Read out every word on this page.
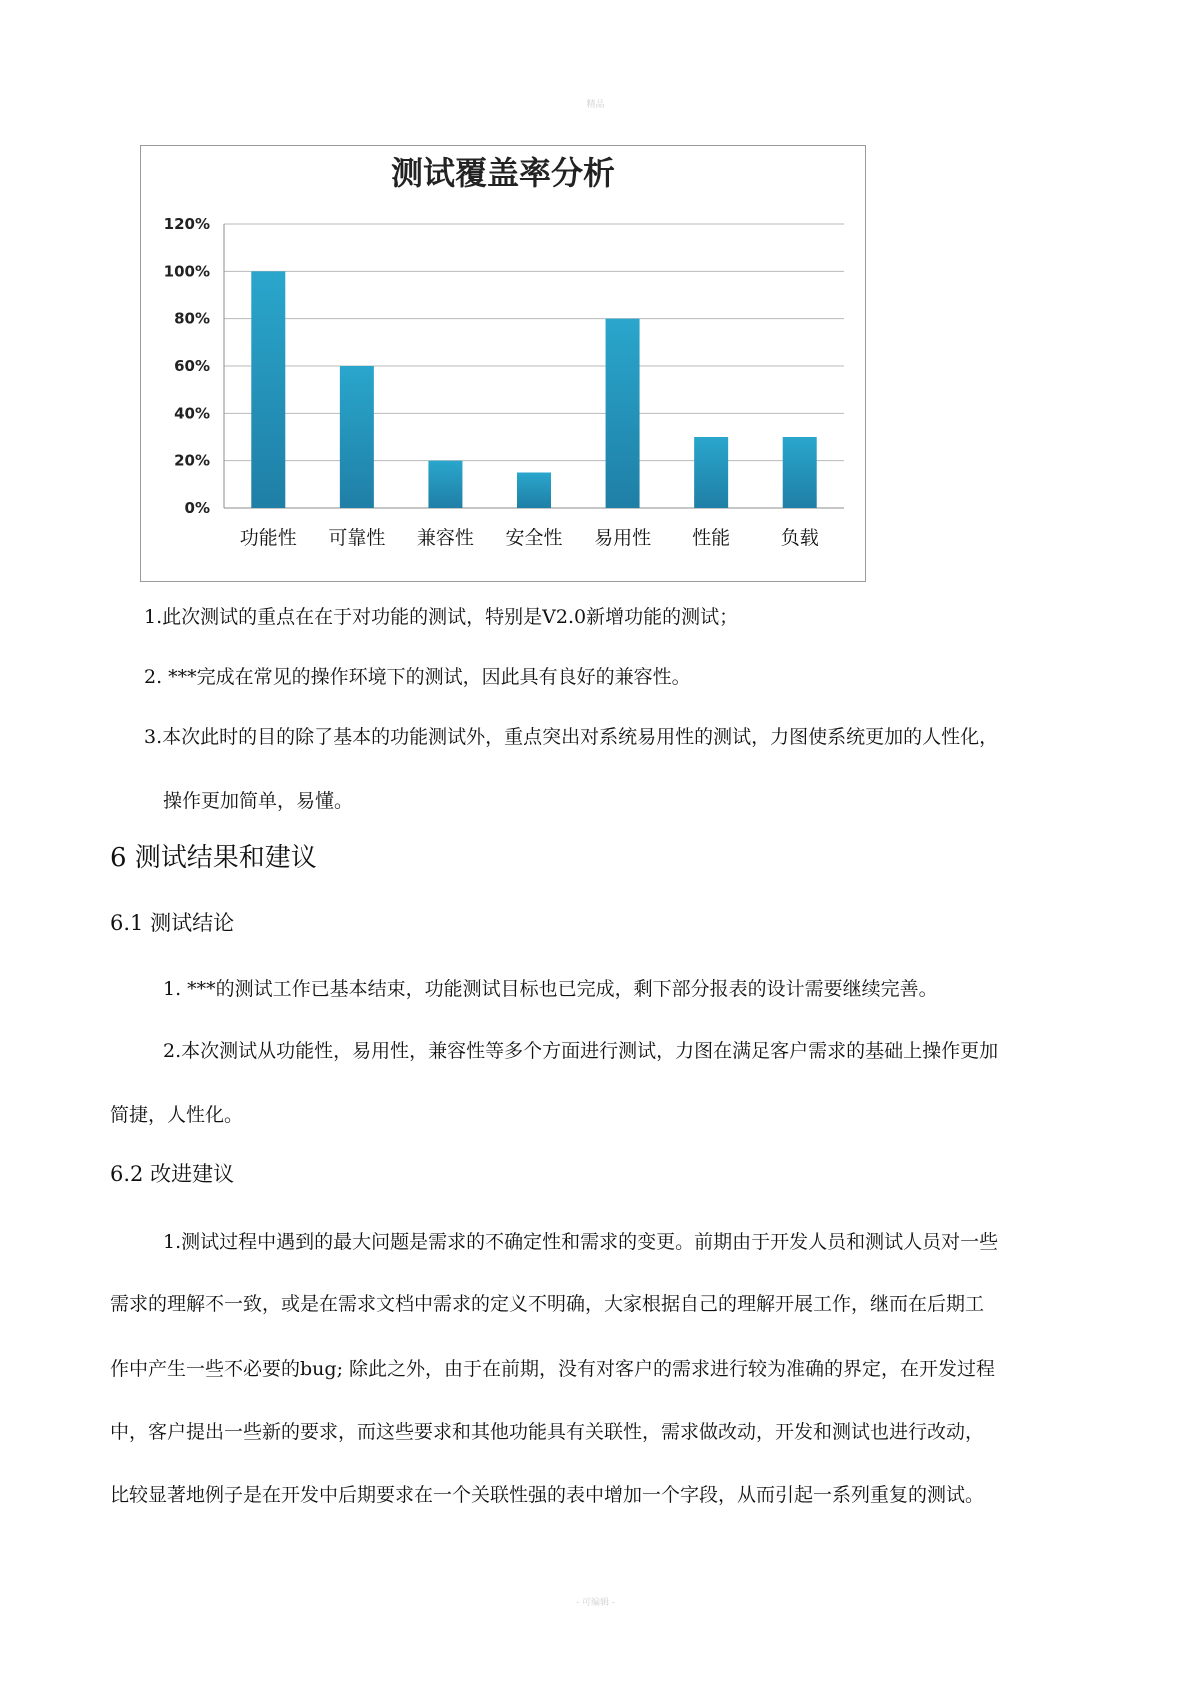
精品
测试覆盖率分析
0%
20%
40%
60%
80%
100%
120%
功能性 可靠性 兼容性 安全性 易用性 性能	负载
1.此次测试的重点在在于对功能的测试，特别是V2.0新增功能的测试；
2. ***完成在常见的操作环境下的测试，因此具有良好的兼容性。
3.本次此时的目的除了基本的功能测试外，重点突出对系统易用性的测试，力图使系统更加的人性化，
操作更加简单，易懂。
6 测试结果和建议
6.1 测试结论
1. ***的测试工作已基本结束，功能测试目标也已完成，剩下部分报表的设计需要继续完善。
2.本次测试从功能性，易用性，兼容性等多个方面进行测试，力图在满足客户需求的基础上操作更加
简捷，人性化。
6.2 改进建议
1.测试过程中遇到的最大问题是需求的不确定性和需求的变更。前期由于开发人员和测试人员对一些
需求的理解不一致，或是在需求文档中需求的定义不明确，大家根据自己的理解开展工作，继而在后期工
作中产生一些不必要的bug; 除此之外，由于在前期，没有对客户的需求进行较为准确的界定，在开发过程
中，客户提出一些新的要求，而这些要求和其他功能具有关联性，需求做改动，开发和测试也进行改动，
比较显著地例子是在开发中后期要求在一个关联性强的表中增加一个字段，从而引起一系列重复的测试。
- 可编辑 -
